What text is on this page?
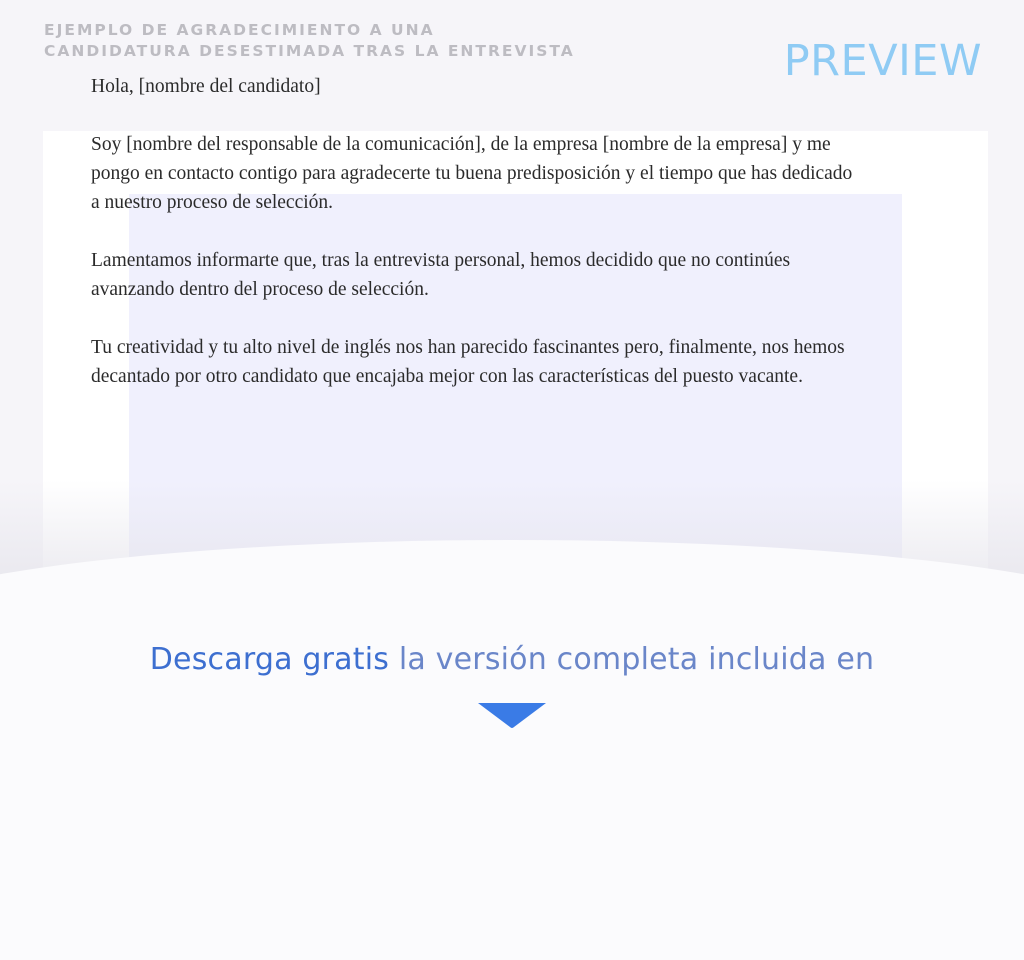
EJEMPLO DE AGRADECIMIENTO A UNA
CANDIDATURA DESESTIMADA TRAS LA ENTREVISTA	PREVIEW

Hola, [nombre del candidato]

Soy [nombre del responsable de la comunicación], de la empresa [nombre de la empresa] y me pongo en contacto contigo para agradecerte tu buena predisposición y el tiempo que has dedicado a nuestro proceso de selección.

Lamentamos informarte que, tras la entrevista personal, hemos decidido que no continúes avanzando dentro del proceso de selección.

Tu creatividad y tu alto nivel de inglés nos han parecido fascinantes pero, finalmente, nos hemos decantado por otro candidato que encajaba mejor con las características del puesto vacante.

Descarga gratis la versión completa incluida en
